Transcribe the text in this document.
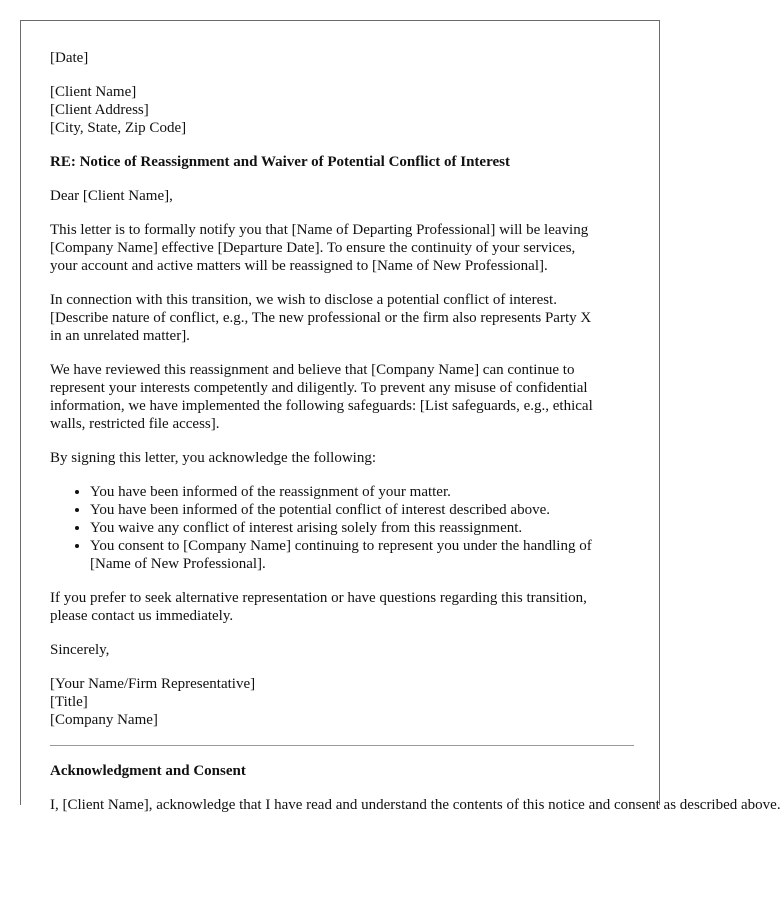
[Date]

[Client Name]
[Client Address]
[City, State, Zip Code]

RE: Notice of Reassignment and Waiver of Potential Conflict of Interest

Dear [Client Name],

This letter is to formally notify you that [Name of Departing Professional] will be leaving
[Company Name] effective [Departure Date]. To ensure the continuity of your services,
your account and active matters will be reassigned to [Name of New Professional].

In connection with this transition, we wish to disclose a potential conflict of interest.
[Describe nature of conflict, e.g., The new professional or the firm also represents Party X
in an unrelated matter].

We have reviewed this reassignment and believe that [Company Name] can continue to
represent your interests competently and diligently. To prevent any misuse of confidential
information, we have implemented the following safeguards: [List safeguards, e.g., ethical
walls, restricted file access].

By signing this letter, you acknowledge the following:

• You have been informed of the reassignment of your matter.
• You have been informed of the potential conflict of interest described above.
• You waive any conflict of interest arising solely from this reassignment.
• You consent to [Company Name] continuing to represent you under the handling of
[Name of New Professional].

If you prefer to seek alternative representation or have questions regarding this transition,
please contact us immediately.

Sincerely,

[Your Name/Firm Representative]
[Title]
[Company Name]

Acknowledgment and Consent

I, [Client Name], acknowledge that I have read and understand the contents of this notice and consent as described above.
